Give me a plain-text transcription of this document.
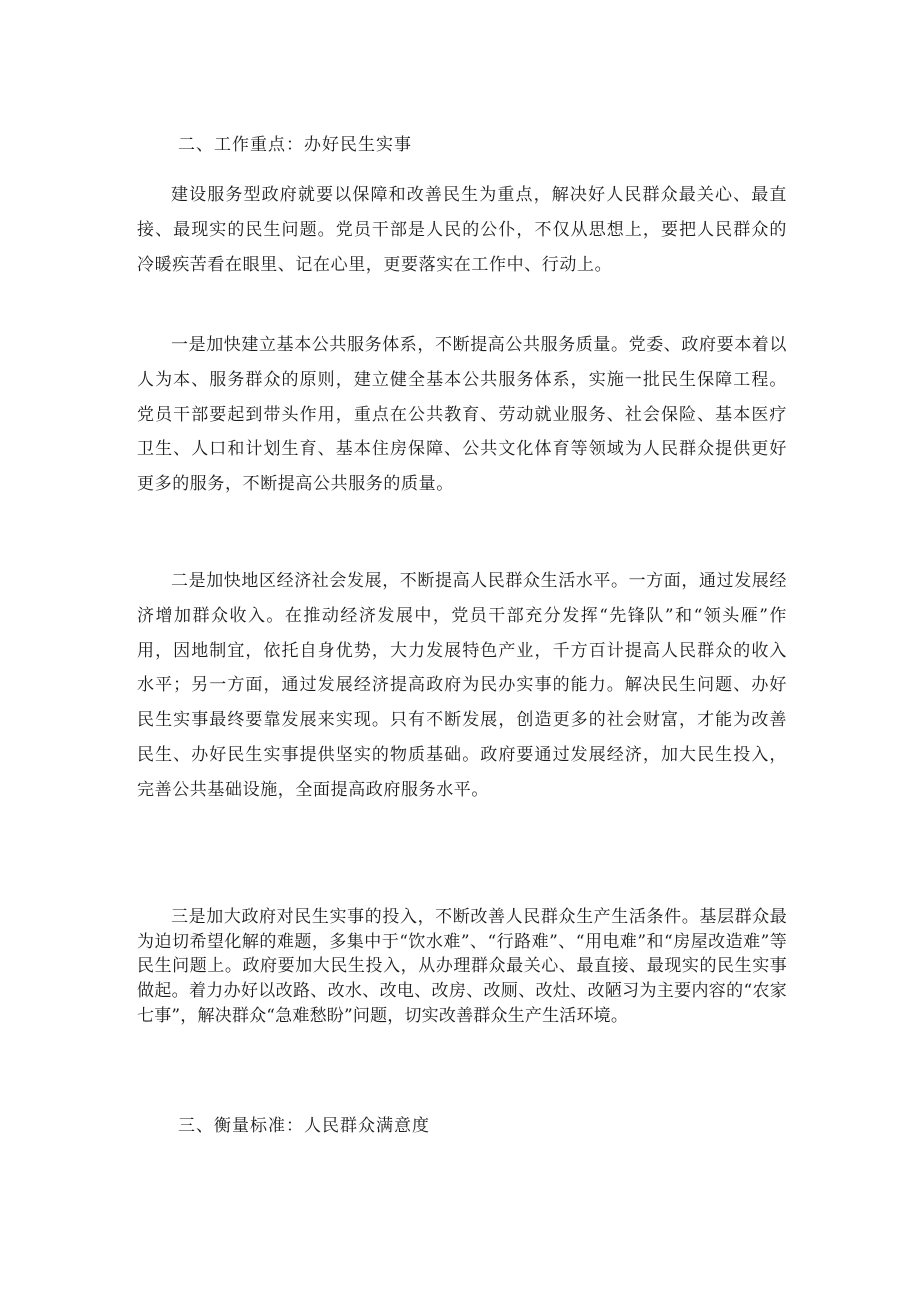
二、工作重点：办好民生实事

建设服务型政府就要以保障和改善民生为重点，解决好人民群众最关心、最直接、最现实的民生问题。党员干部是人民的公仆，不仅从思想上，要把人民群众的冷暖疾苦看在眼里、记在心里，更要落实在工作中、行动上。

一是加快建立基本公共服务体系，不断提高公共服务质量。党委、政府要本着以人为本、服务群众的原则，建立健全基本公共服务体系，实施一批民生保障工程。党员干部要起到带头作用，重点在公共教育、劳动就业服务、社会保险、基本医疗卫生、人口和计划生育、基本住房保障、公共文化体育等领域为人民群众提供更好更多的服务，不断提高公共服务的质量。

二是加快地区经济社会发展，不断提高人民群众生活水平。一方面，通过发展经济增加群众收入。在推动经济发展中，党员干部充分发挥“先锋队”和“领头雁”作用，因地制宜，依托自身优势，大力发展特色产业，千方百计提高人民群众的收入水平；另一方面，通过发展经济提高政府为民办实事的能力。解决民生问题、办好民生实事最终要靠发展来实现。只有不断发展，创造更多的社会财富，才能为改善民生、办好民生实事提供坚实的物质基础。政府要通过发展经济，加大民生投入，完善公共基础设施，全面提高政府服务水平。

三是加大政府对民生实事的投入，不断改善人民群众生产生活条件。基层群众最为迫切希望化解的难题，多集中于“饮水难”、“行路难”、“用电难”和“房屋改造难”等民生问题上。政府要加大民生投入，从办理群众最关心、最直接、最现实的民生实事做起。着力办好以改路、改水、改电、改房、改厕、改灶、改陋习为主要内容的“农家七事”，解决群众“急难愁盼”问题，切实改善群众生产生活环境。

三、衡量标准：人民群众满意度
